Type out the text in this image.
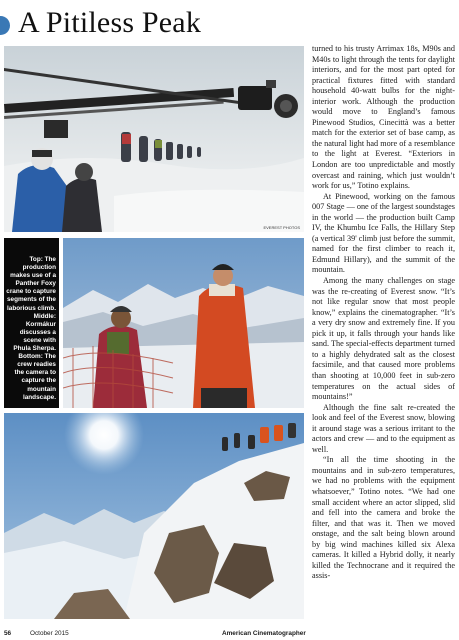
A Pitiless Peak
EVEREST PHOTOS
Top: The production makes use of a Panther Foxy crane to capture segments of the laborious climb. Middle: Kormákur discusses a scene with Phula Sherpa. Bottom: The crew readies the camera to capture the mountain landscape.

turned to his trusty Arrimax 18s, M90s and M40s to light through the tents for daylight interiors, and for the most part opted for practical fixtures fitted with standard household 40-watt bulbs for the night-interior work. Although the production would move to England’s famous Pinewood Studios, Cinecittà was a better match for the exterior set of base camp, as the natural light had more of a resemblance to the light at Everest. “Exteriors in London are too unpredictable and mostly overcast and raining, which just wouldn’t work for us,” Totino explains.

At Pinewood, working on the famous 007 Stage — one of the largest soundstages in the world — the production built Camp IV, the Khumbu Ice Falls, the Hillary Step (a vertical 39' climb just before the summit, named for the first climber to reach it, Edmund Hillary), and the summit of the mountain.

Among the many challenges on stage was the re-creating of Everest snow. “It’s not like regular snow that most people know,” explains the cinematographer. “It’s a very dry snow and extremely fine. If you pick it up, it falls through your hands like sand. The special-effects department turned to a highly dehydrated salt as the closest facsimile, and that caused more problems than shooting at 10,000 feet in sub-zero temperatures on the actual sides of mountains!”

Although the fine salt re-created the look and feel of the Everest snow, blowing it around stage was a serious irritant to the actors and crew — and to the equipment as well.

“In all the time shooting in the mountains and in sub-zero temperatures, we had no problems with the equipment whatsoever,” Totino notes. “We had one small accident where an actor slipped, slid and fell into the camera and broke the filter, and that was it. Then we moved onstage, and the salt being blown around by big wind machines killed six Alexa cameras. It killed a Hybrid dolly, it nearly killed the Technocrane and it required the assis-

56	October 2015	American Cinematographer
